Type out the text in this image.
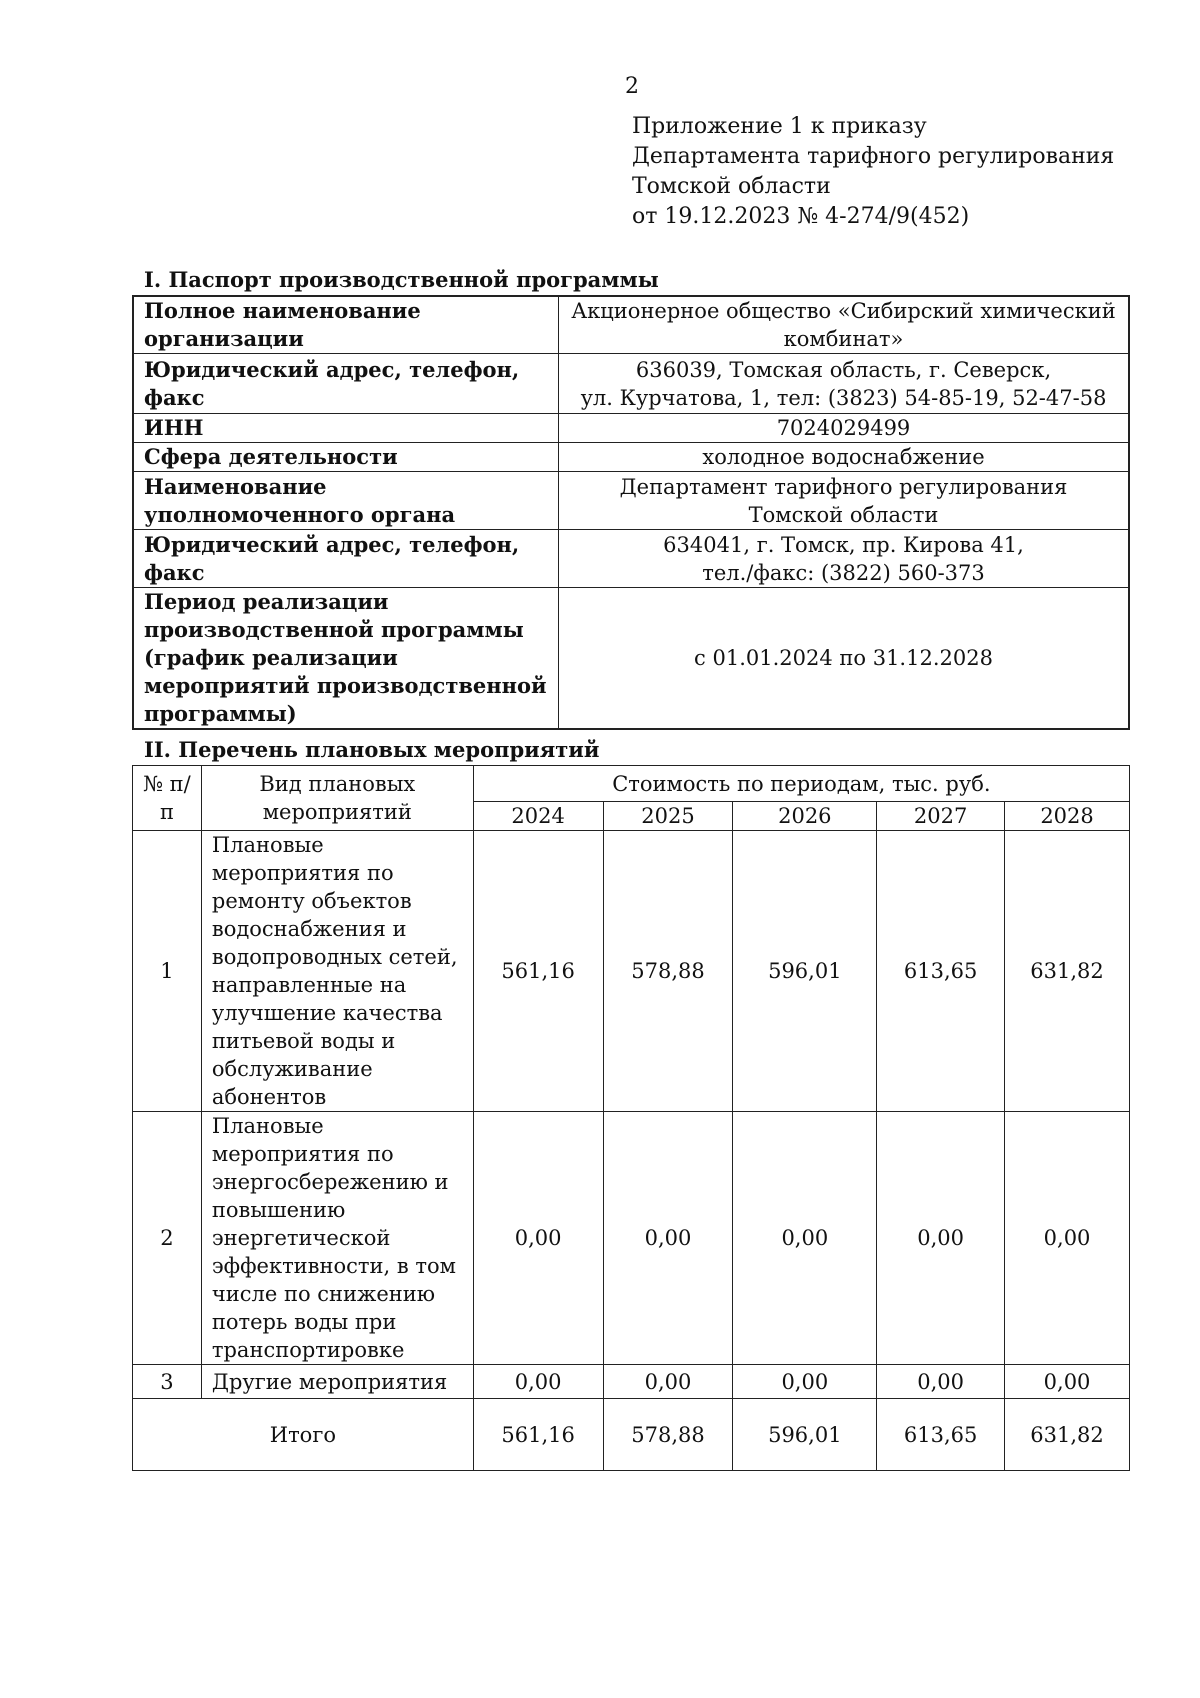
2
Приложение 1 к приказу
Департамента тарифного регулирования
Томской области
от 19.12.2023 № 4-274/9(452)
I. Паспорт производственной программы
Полное наименование организации	Акционерное общество «Сибирский химический
комбинат»

Юридический адрес, телефон, факс	636039, Томская область, г. Северск,
ул. Курчатова, 1, тел: (3823) 54-85-19, 52-47-58

ИНН	7024029499
Сфера деятельности	холодное водоснабжение
Наименование уполномоченного органа	Департамент тарифного регулирования
Томской области

Юридический адрес, телефон, факс	634041, г. Томск, пр. Кирова 41,
тел./факс: (3822) 560-373

Период реализации производственной программы (график реализации мероприятий производственной программы)	с 01.01.2024 по 31.12.2028
II. Перечень плановых мероприятий
№ п/п	Вид плановых мероприятий	Стоимость по периодам, тыс. руб.				
		2024	2025	2026	2027	2028
1	Плановые мероприятия по ремонту объектов водоснабжения и водопроводных сетей, направленные на улучшение качества питьевой воды и обслуживание абонентов	561,16	578,88	596,01	613,65	631,82
2	Плановые мероприятия по энергосбережению и повышению энергетической эффективности, в том числе по снижению потерь воды при транспортировке	0,00	0,00	0,00	0,00	0,00
3	Другие мероприятия	0,00	0,00	0,00	0,00	0,00
Итого		561,16	578,88	596,01	613,65	631,82
